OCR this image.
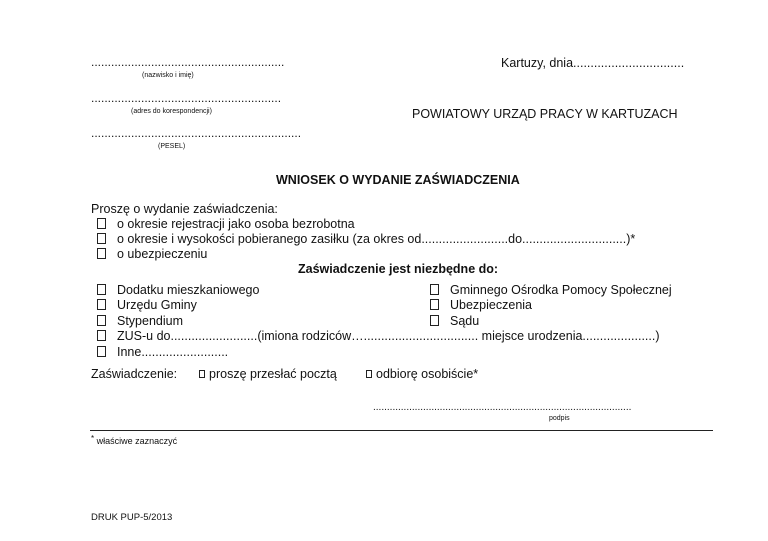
..........................................................
(nazwisko i imię)
.........................................................
(adres do korespondencji)
...............................................................
(PESEL)
Kartuzy, dnia................................
POWIATOWY URZĄD PRACY W KARTUZACH
WNIOSEK O WYDANIE ZAŚWIADCZENIA
Proszę o wydanie zaświadczenia:
o okresie rejestracji jako osoba bezrobotna
o okresie i wysokości pobieranego zasiłku (za okres od.........................do..............................)*
o ubezpieczeniu
Zaświadczenie jest niezbędne do:
Dodatku mieszkaniowego
Urzędu Gminy
Stypendium
ZUS-u do.........................(imiona rodziców…................................. miejsce urodzenia.....................)
Inne.........................
Gminnego Ośrodka Pomocy Społecznej
Ubezpieczenia
Sądu
Zaświadczenie:	proszę przesłać pocztą	odbiorę osobiście*
.............................................................................................
podpis
* właściwe zaznaczyć
DRUK PUP-5/2013
